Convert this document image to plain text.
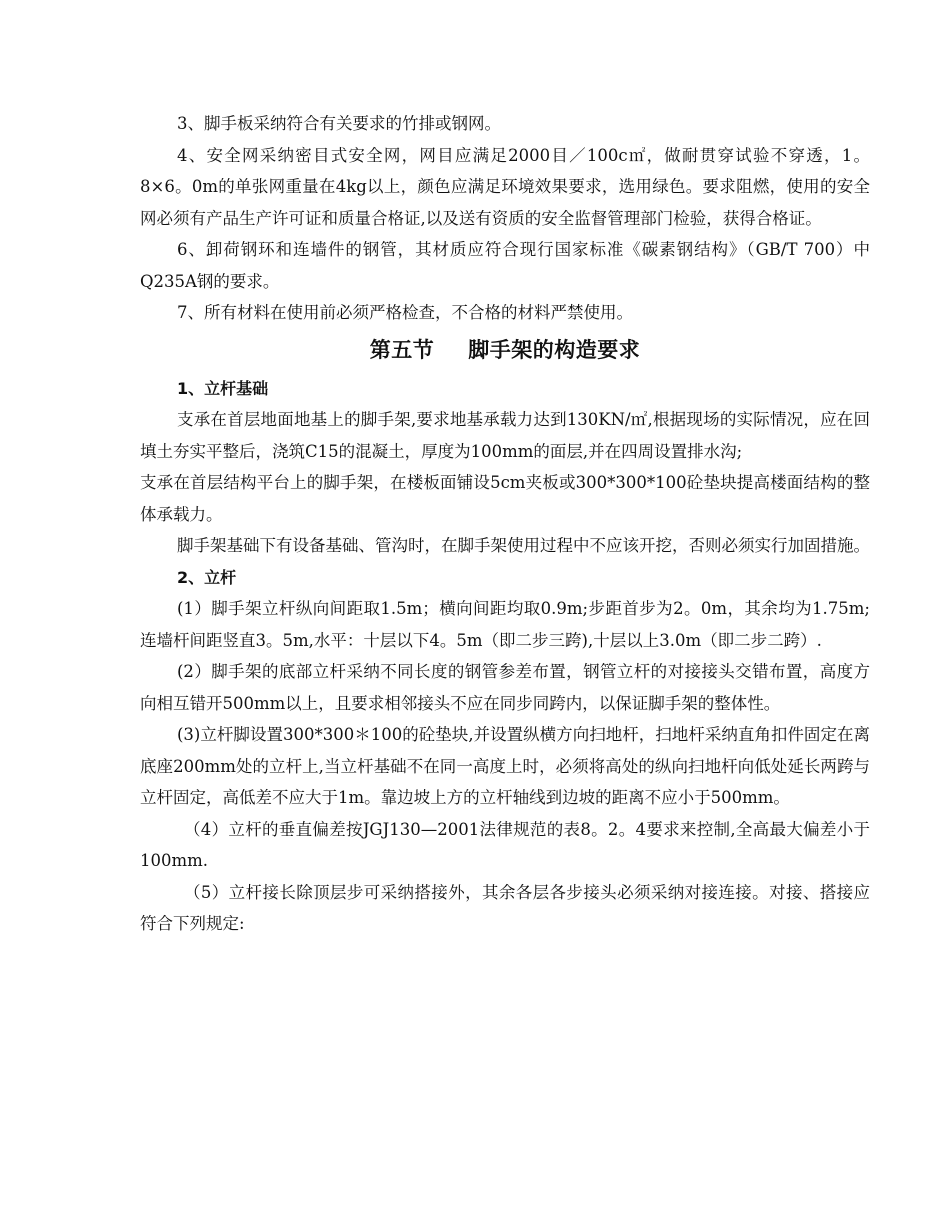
3、脚手板采纳符合有关要求的竹排或钢网。

4、安全网采纳密目式安全网，网目应满足2000目／100c㎡，做耐贯穿试验不穿透，1。8×6。0m的单张网重量在4kg以上，颜色应满足环境效果要求，选用绿色。要求阻燃，使用的安全网必须有产品生产许可证和质量合格证,以及送有资质的安全监督管理部门检验，获得合格证。

6、卸荷钢环和连墙件的钢管，其材质应符合现行国家标准《碳素钢结构》（GB/T 700）中Q235A钢的要求。

7、所有材料在使用前必须严格检查，不合格的材料严禁使用。

第五节 脚手架的构造要求

1、立杆基础

支承在首层地面地基上的脚手架,要求地基承载力达到130KN/㎡,根据现场的实际情况，应在回填土夯实平整后，浇筑C15的混凝土，厚度为100mm的面层,并在四周设置排水沟;

支承在首层结构平台上的脚手架，在楼板面铺设5cm夹板或300*300*100砼垫块提高楼面结构的整体承载力。

脚手架基础下有设备基础、管沟时，在脚手架使用过程中不应该开挖，否则必须实行加固措施。

2、立杆

(1）脚手架立杆纵向间距取1.5m；横向间距均取0.9m;步距首步为2。0m，其余均为1.75m;连墙杆间距竖直3。5m,水平：十层以下4。5m（即二步三跨),十层以上3.0m（即二步二跨）.

(2）脚手架的底部立杆采纳不同长度的钢管参差布置，钢管立杆的对接接头交错布置，高度方向相互错开500mm以上，且要求相邻接头不应在同步同跨内，以保证脚手架的整体性。

(3)立杆脚设置300*300＊100的砼垫块,并设置纵横方向扫地杆，扫地杆采纳直角扣件固定在离底座200mm处的立杆上,当立杆基础不在同一高度上时，必须将高处的纵向扫地杆向低处延长两跨与立杆固定，高低差不应大于1m。靠边坡上方的立杆轴线到边坡的距离不应小于500mm。

（4）立杆的垂直偏差按JGJ130—2001法律规范的表8。2。4要求来控制,全高最大偏差小于100mm.

（5）立杆接长除顶层步可采纳搭接外，其余各层各步接头必须采纳对接连接。对接、搭接应符合下列规定:
